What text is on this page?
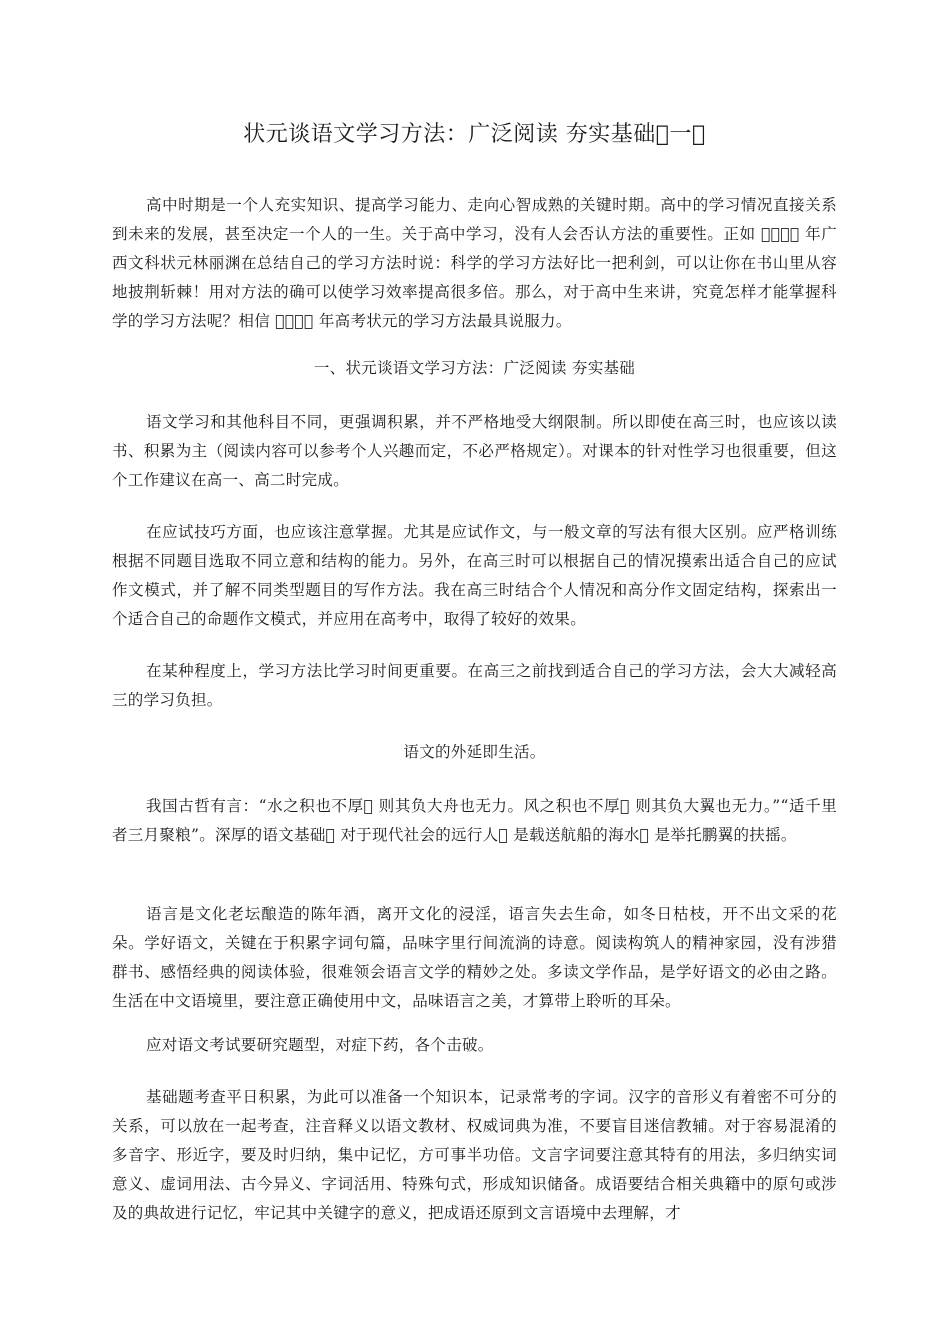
状元谈语文学习方法：广泛阅读 夯实基础 一 

高中时期是一个人充实知识、提高学习能力、走向心智成熟的关键时期。高中的学习情况直接关系到未来的发展，甚至决定一个人的一生。关于高中学习，没有人会否认方法的重要性。正如      年广西文科状元林丽渊在总结自己的学习方法时说：科学的学习方法好比一把利剑，可以让你在书山里从容地披荆斩棘！用对方法的确可以使学习效率提高很多倍。那么，对于高中生来讲，究竟怎样才能掌握科学的学习方法呢？相信      年高考状元的学习方法最具说服力。

一、状元谈语文学习方法：广泛阅读 夯实基础

语文学习和其他科目不同，更强调积累，并不严格地受大纲限制。所以即使在高三时，也应该以读书、积累为主（阅读内容可以参考个人兴趣而定，不必严格规定）。对课本的针对性学习也很重要，但这个工作建议在高一、高二时完成。

在应试技巧方面，也应该注意掌握。尤其是应试作文，与一般文章的写法有很大区别。应严格训练根据不同题目选取不同立意和结构的能力。另外，在高三时可以根据自己的情况摸索出适合自己的应试作文模式，并了解不同类型题目的写作方法。我在高三时结合个人情况和高分作文固定结构，探索出一个适合自己的命题作文模式，并应用在高考中，取得了较好的效果。

在某种程度上，学习方法比学习时间更重要。在高三之前找到适合自己的学习方法，会大大减轻高三的学习负担。

语文的外延即生活。

我国古哲有言：“水之积也不厚  则其负大舟也无力。风之积也不厚  则其负大翼也无力。”“适千里者三月聚粮”。深厚的语文基础  对于现代社会的远行人  是载送航船的海水  是举托鹏翼的扶摇。

语言是文化老坛酿造的陈年酒，离开文化的浸淫，语言失去生命，如冬日枯枝，开不出文采的花朵。学好语文，关键在于积累字词句篇，品味字里行间流淌的诗意。阅读构筑人的精神家园，没有涉猎群书、感悟经典的阅读体验，很难领会语言文学的精妙之处。多读文学作品，是学好语文的必由之路。生活在中文语境里，要注意正确使用中文，品味语言之美，才算带上聆听的耳朵。

应对语文考试要研究题型，对症下药，各个击破。

基础题考查平日积累，为此可以准备一个知识本，记录常考的字词。汉字的音形义有着密不可分的关系，可以放在一起考查，注音释义以语文教材、权威词典为准，不要盲目迷信教辅。对于容易混淆的多音字、形近字，要及时归纳，集中记忆，方可事半功倍。文言字词要注意其特有的用法，多归纳实词意义、虚词用法、古今异义、字词活用、特殊句式，形成知识储备。成语要结合相关典籍中的原句或涉及的典故进行记忆，牢记其中关键字的意义，把成语还原到文言语境中去理解，才
